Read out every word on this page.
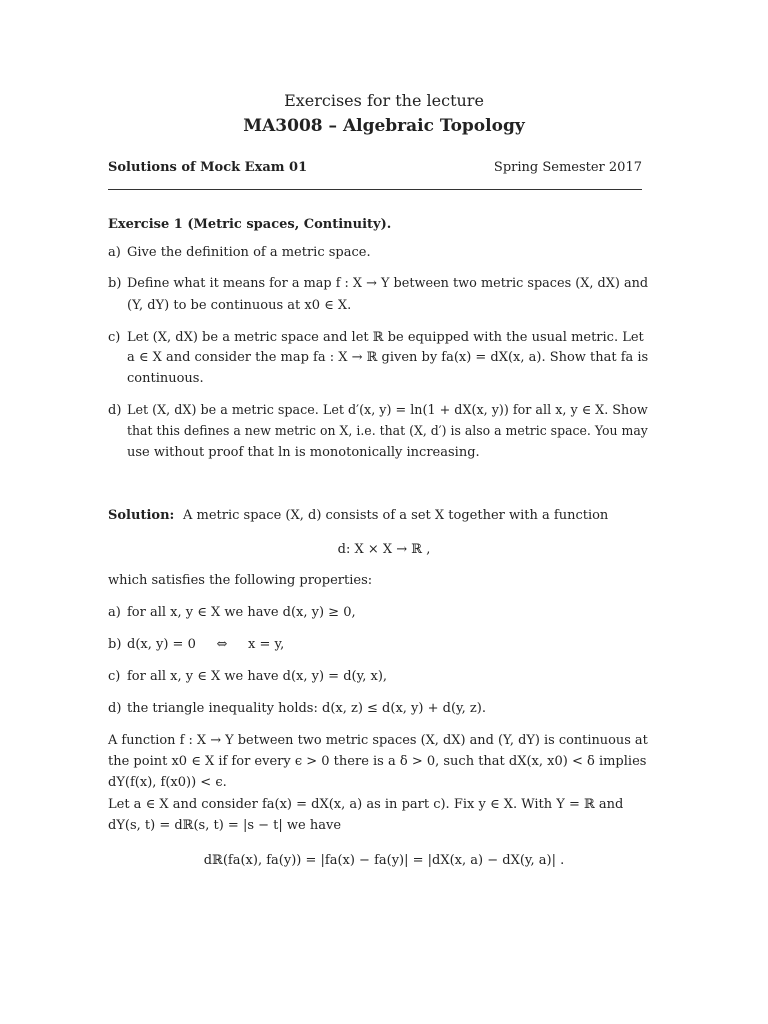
Exercises for the lecture
MA3008 – Algebraic Topology
Solutions of Mock Exam 01	Spring Semester 2017
Exercise 1 (Metric spaces, Continuity).
a) Give the definition of a metric space.
b) Define what it means for a map f : X → Y between two metric spaces (X, dX) and
(Y, dY) to be continuous at x0 ∈ X.
c) Let (X, dX) be a metric space and let ℝ be equipped with the usual metric. Let
a ∈ X and consider the map fa : X → ℝ given by fa(x) = dX(x, a). Show that fa is
continuous.
d) Let (X, dX) be a metric space. Let d′(x, y) = ln(1 + dX(x, y)) for all x, y ∈ X. Show
that this defines a new metric on X, i.e. that (X, d′) is also a metric space. You may
use without proof that ln is monotonically increasing.
Solution: A metric space (X, d) consists of a set X together with a function
d: X × X → ℝ ,
which satisfies the following properties:
a) for all x, y ∈ X we have d(x, y) ≥ 0,
b) d(x, y) = 0     ⇔     x = y,
c) for all x, y ∈ X we have d(x, y) = d(y, x),
d) the triangle inequality holds: d(x, z) ≤ d(x, y) + d(y, z).
A function f : X → Y between two metric spaces (X, dX) and (Y, dY) is continuous at
the point x0 ∈ X if for every ϵ > 0 there is a δ > 0, such that dX(x, x0) < δ implies
dY(f(x), f(x0)) < ϵ.
Let a ∈ X and consider fa(x) = dX(x, a) as in part c). Fix y ∈ X. With Y = ℝ and
dY(s, t) = dℝ(s, t) = |s − t| we have
dℝ(fa(x), fa(y)) = |fa(x) − fa(y)| = |dX(x, a) − dX(y, a)| .
